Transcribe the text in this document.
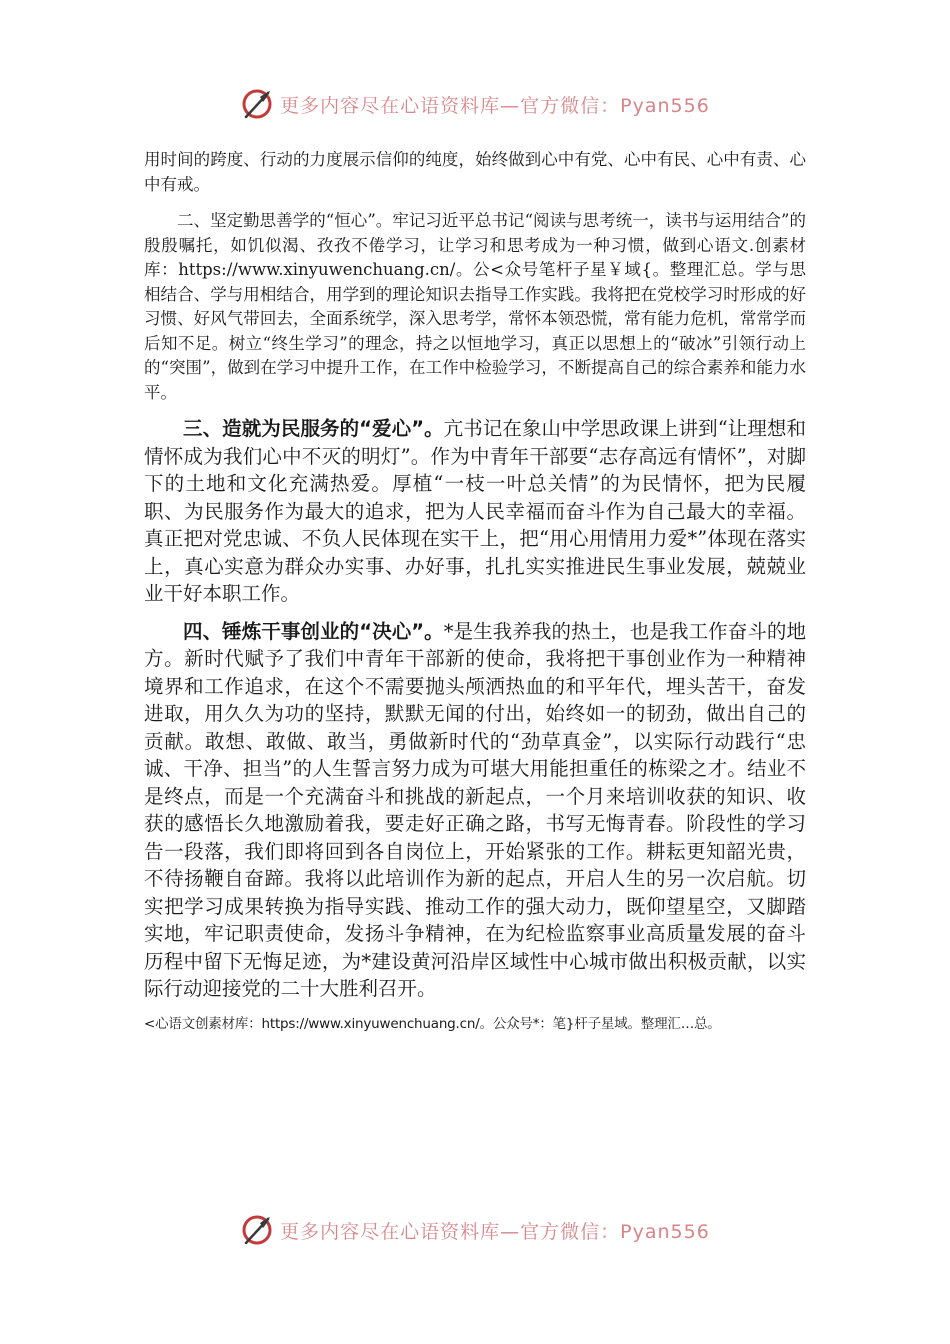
更多内容尽在心语资料库—官方微信：Pyan556

用时间的跨度、行动的力度展示信仰的纯度，始终做到心中有党、心中有民、心中有责、心中有戒。

二、坚定勤思善学的“恒心”。牢记习近平总书记“阅读与思考统一，读书与运用结合”的殷殷嘱托，如饥似渴、孜孜不倦学习，让学习和思考成为一种习惯，做到心语文.创素材库：https://www.xinyuwenchuang.cn/。公<众号笔杆子星￥域{。整理汇总。学与思相结合、学与用相结合，用学到的理论知识去指导工作实践。我将把在党校学习时形成的好习惯、好风气带回去，全面系统学，深入思考学，常怀本领恐慌，常有能力危机，常常学而后知不足。树立“终生学习”的理念，持之以恒地学习，真正以思想上的“破冰”引领行动上的“突围”，做到在学习中提升工作，在工作中检验学习，不断提高自己的综合素养和能力水平。

三、造就为民服务的“爱心”。亢书记在象山中学思政课上讲到“让理想和情怀成为我们心中不灭的明灯”。作为中青年干部要“志存高远有情怀”，对脚下的土地和文化充满热爱。厚植“一枝一叶总关情”的为民情怀，把为民履职、为民服务作为最大的追求，把为人民幸福而奋斗作为自己最大的幸福。真正把对党忠诚、不负人民体现在实干上，把“用心用情用力爱*”体现在落实上，真心实意为群众办实事、办好事，扎扎实实推进民生事业发展，兢兢业业干好本职工作。

四、锤炼干事创业的“决心”。*是生我养我的热土，也是我工作奋斗的地方。新时代赋予了我们中青年干部新的使命，我将把干事创业作为一种精神境界和工作追求，在这个不需要抛头颅洒热血的和平年代，埋头苦干，奋发进取，用久久为功的坚持，默默无闻的付出，始终如一的韧劲，做出自己的贡献。敢想、敢做、敢当，勇做新时代的“劲草真金”，以实际行动践行“忠诚、干净、担当”的人生誓言努力成为可堪大用能担重任的栋梁之才。结业不是终点，而是一个充满奋斗和挑战的新起点，一个月来培训收获的知识、收获的感悟长久地激励着我，要走好正确之路，书写无悔青春。阶段性的学习告一段落，我们即将回到各自岗位上，开始紧张的工作。耕耘更知韶光贵，不待扬鞭自奋蹄。我将以此培训作为新的起点，开启人生的另一次启航。切实把学习成果转换为指导实践、推动工作的强大动力，既仰望星空，又脚踏实地，牢记职责使命，发扬斗争精神，在为纪检监察事业高质量发展的奋斗历程中留下无悔足迹，为*建设黄河沿岸区域性中心城市做出积极贡献，以实际行动迎接党的二十大胜利召开。

<心语文创素材库：https://www.xinyuwenchuang.cn/。公众号*：笔}杆子星域。整理汇…总。

更多内容尽在心语资料库—官方微信：Pyan556
